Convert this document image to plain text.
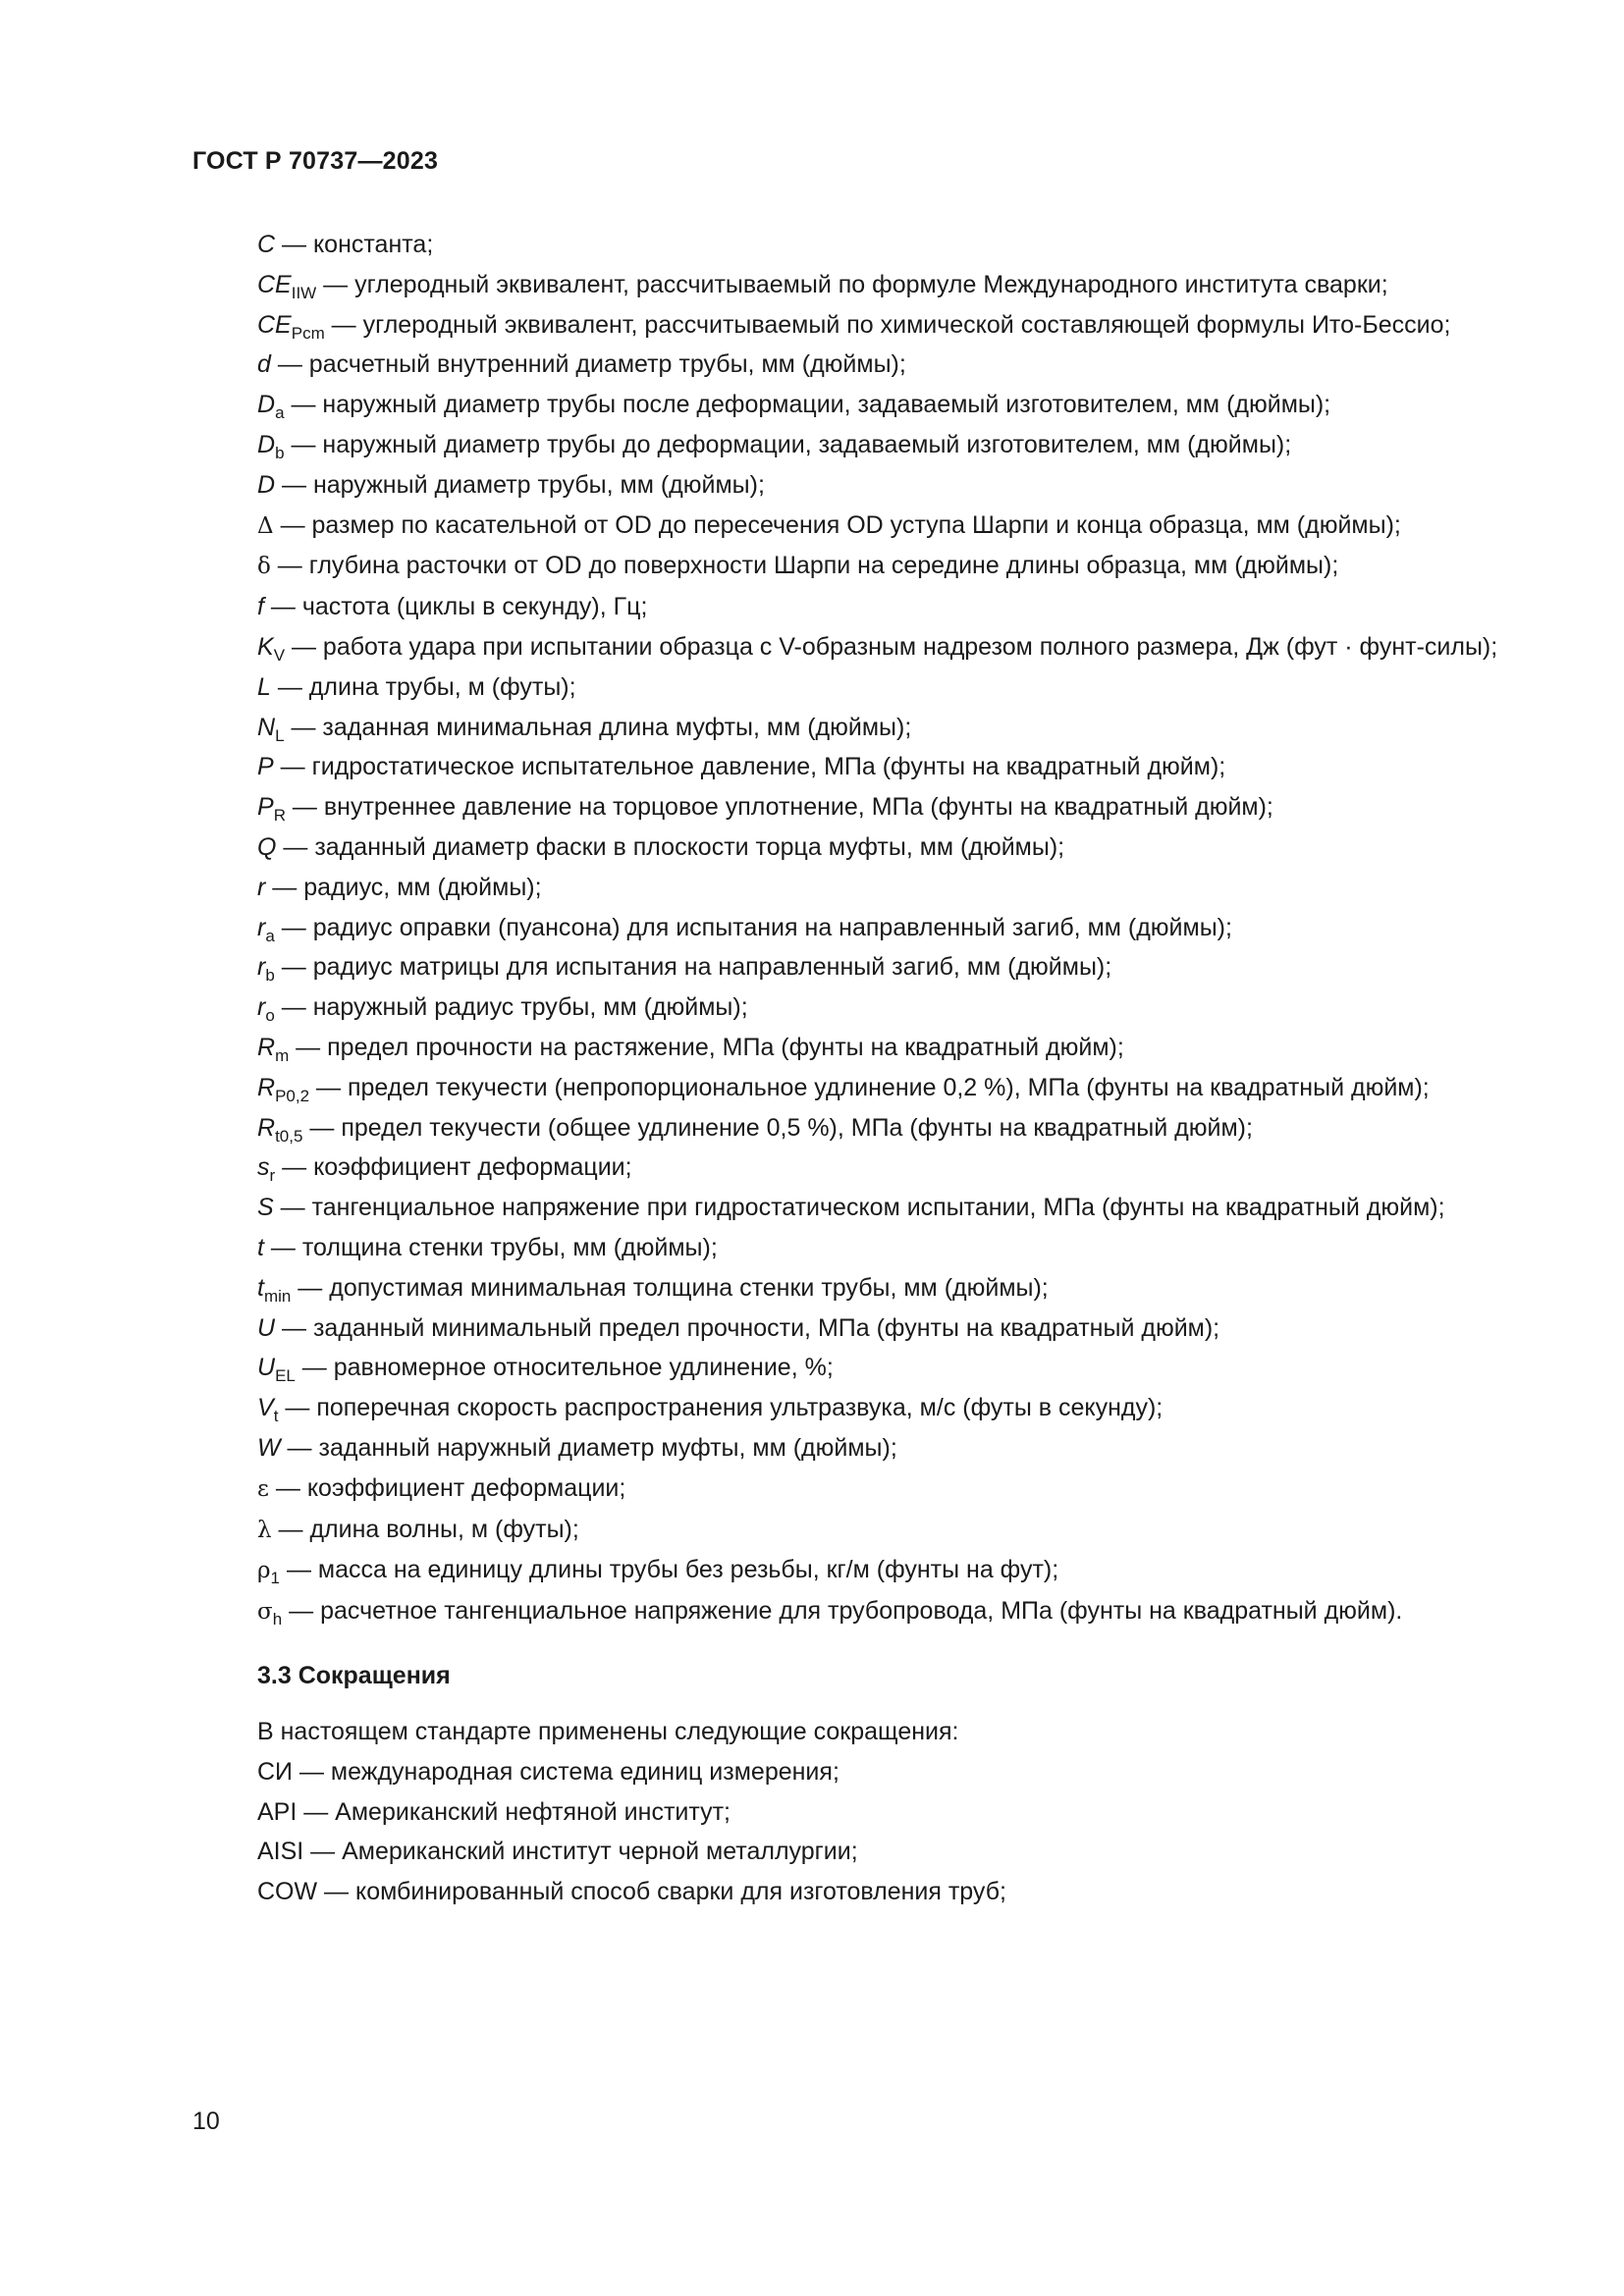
ГОСТ Р 70737—2023
C — константа;
$CE_{IIW}$ — углеродный эквивалент, рассчитываемый по формуле Международного института сварки;
$CE_{Pcm}$ — углеродный эквивалент, рассчитываемый по химической составляющей формулы Ито-Бессио;
d — расчетный внутренний диаметр трубы, мм (дюймы);
$D_a$ — наружный диаметр трубы после деформации, задаваемый изготовителем, мм (дюймы);
$D_b$ — наружный диаметр трубы до деформации, задаваемый изготовителем, мм (дюймы);
D — наружный диаметр трубы, мм (дюймы);
Δ — размер по касательной от OD до пересечения OD уступа Шарпи и конца образца, мм (дюймы);
δ — глубина расточки от OD до поверхности Шарпи на середине длины образца, мм (дюймы);
f — частота (циклы в секунду), Гц;
$K_V$ — работа удара при испытании образца с V-образным надрезом полного размера, Дж (фут · фунт-силы);
L — длина трубы, м (футы);
$N_L$ — заданная минимальная длина муфты, мм (дюймы);
P — гидростатическое испытательное давление, МПа (фунты на квадратный дюйм);
$P_R$ — внутреннее давление на торцовое уплотнение, МПа (фунты на квадратный дюйм);
Q — заданный диаметр фаски в плоскости торца муфты, мм (дюймы);
r — радиус, мм (дюймы);
$r_a$ — радиус оправки (пуансона) для испытания на направленный загиб, мм (дюймы);
$r_b$ — радиус матрицы для испытания на направленный загиб, мм (дюймы);
$r_o$ — наружный радиус трубы, мм (дюймы);
$R_m$ — предел прочности на растяжение, МПа (фунты на квадратный дюйм);
$R_{P0,2}$ — предел текучести (непропорциональное удлинение 0,2 %), МПа (фунты на квадратный дюйм);
$R_{t0,5}$ — предел текучести (общее удлинение 0,5 %), МПа (фунты на квадратный дюйм);
$s_r$ — коэффициент деформации;
S — тангенциальное напряжение при гидростатическом испытании, МПа (фунты на квадратный дюйм);
t — толщина стенки трубы, мм (дюймы);
$t_{min}$ — допустимая минимальная толщина стенки трубы, мм (дюймы);
U — заданный минимальный предел прочности, МПа (фунты на квадратный дюйм);
$U_{EL}$ — равномерное относительное удлинение, %;
$V_t$ — поперечная скорость распространения ультразвука, м/с (футы в секунду);
W — заданный наружный диаметр муфты, мм (дюймы);
ε — коэффициент деформации;
λ — длина волны, м (футы);
$\rho_1$ — масса на единицу длины трубы без резьбы, кг/м (фунты на фут);
$\sigma_h$ — расчетное тангенциальное напряжение для трубопровода, МПа (фунты на квадратный дюйм).
3.3 Сокращения
В настоящем стандарте применены следующие сокращения:
СИ — международная система единиц измерения;
API — Американский нефтяной институт;
AISI — Американский институт черной металлургии;
COW — комбинированный способ сварки для изготовления труб;
10
